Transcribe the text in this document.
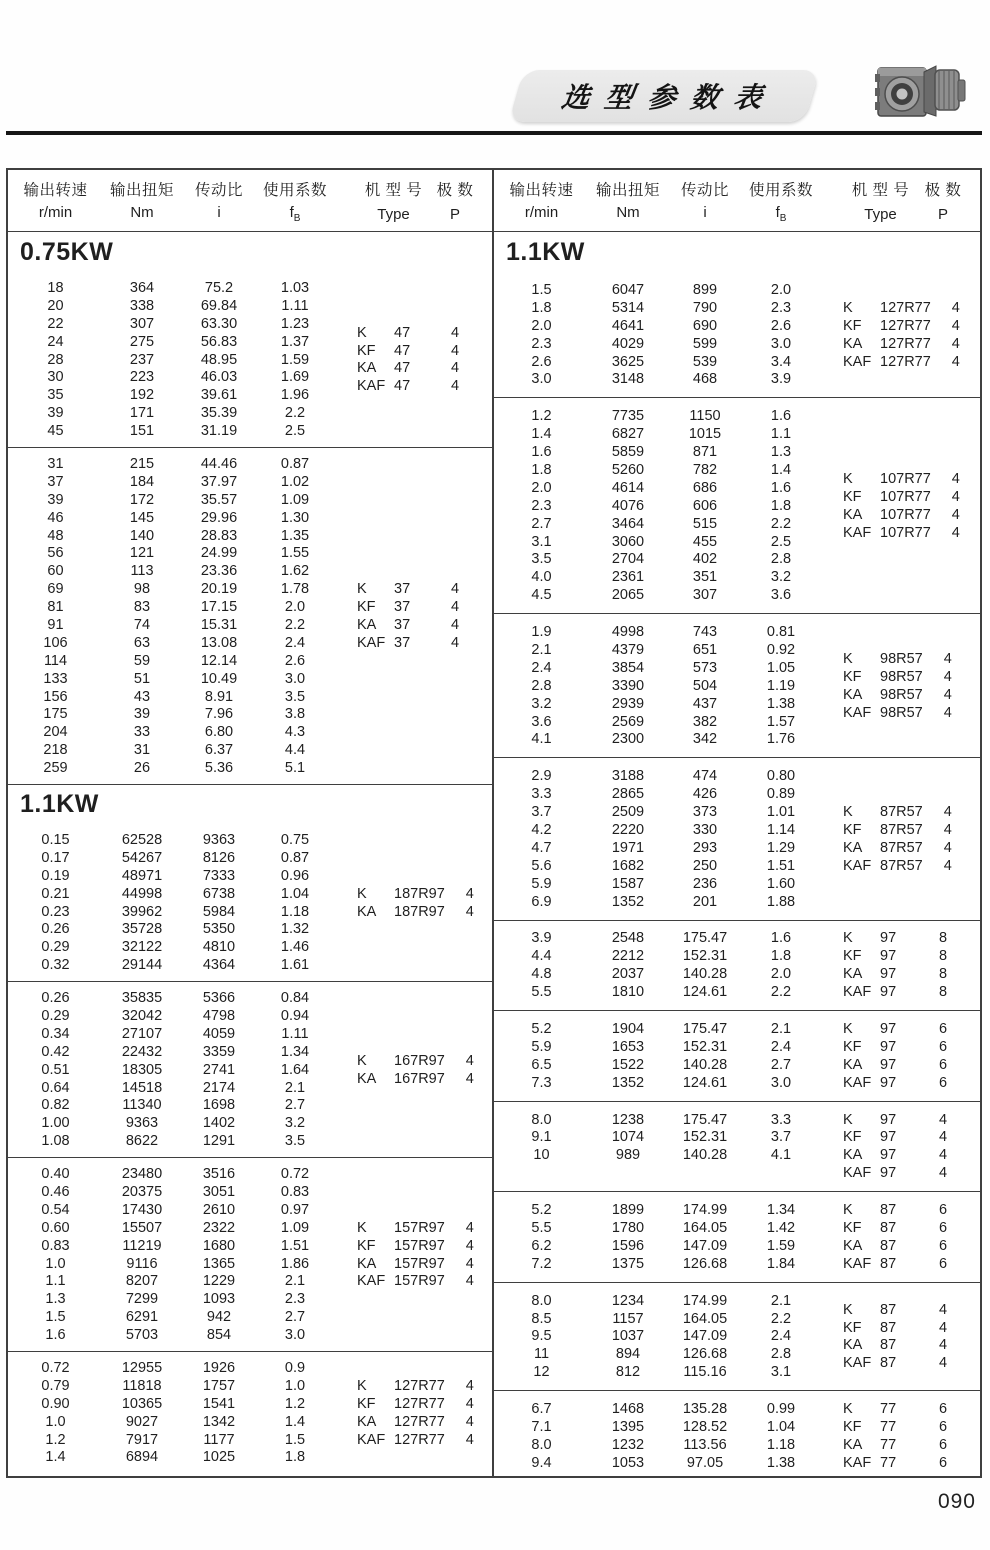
选 型 参 数 表
输出转速	输出扭矩	传动比	使用系数	机 型 号 极 数
r/min	Nm	i	$f_B$	Type	P
0.75KW
18	364	75.2	1.03
20	338	69.84	1.11
22	307	63.30	1.23
24	275	56.83	1.37
28	237	48.95	1.59
30	223	46.03	1.69
35	192	39.61	1.96
39	171	35.39	2.2
45	151	31.19	2.5
K	47	4
KF	47	4
KA	47	4
KAF 47	4
31	215	44.46	0.87
37	184	37.97	1.02
39	172	35.57	1.09
46	145	29.96	1.30
48	140	28.83	1.35
56	121	24.99	1.55
60	113	23.36	1.62
69	98	20.19	1.78
81	83	17.15	2.0
91	74	15.31	2.2
106	63	13.08	2.4
114	59	12.14	2.6
133	51	10.49	3.0
156	43	8.91	3.5
175	39	7.96	3.8
204	33	6.80	4.3
218	31	6.37	4.4
259	26	5.36	5.1
K	37	4
KF	37	4
KA	37	4
KAF 37	4
1.1KW
0.15	62528	9363	0.75
0.17	54267	8126	0.87
0.19	48971	7333	0.96
0.21	44998	6738	1.04
0.23	39962	5984	1.18
0.26	35728	5350	1.32
0.29	32122	4810	1.46
0.32	29144	4364	1.61
K	187R97	4
KA	187R97	4
0.26	35835	5366	0.84
0.29	32042	4798	0.94
0.34	27107	4059	1.11
0.42	22432	3359	1.34
0.51	18305	2741	1.64
0.64	14518	2174	2.1
0.82	11340	1698	2.7
1.00	9363	1402	3.2
1.08	8622	1291	3.5
K	167R97	4
KA	167R97	4
0.40	23480	3516	0.72
0.46	20375	3051	0.83
0.54	17430	2610	0.97
0.60	15507	2322	1.09
0.83	11219	1680	1.51
1.0	9116	1365	1.86
1.1	8207	1229	2.1
1.3	7299	1093	2.3
1.5	6291	942	2.7
1.6	5703	854	3.0
K	157R97	4
KF	157R97	4
KA	157R97	4
KAF 157R97	4
0.72	12955	1926	0.9
0.79	11818	1757	1.0
0.90	10365	1541	1.2
1.0	9027	1342	1.4
1.2	7917	1177	1.5
1.4	6894	1025	1.8
K	127R77	4
KF	127R77	4
KA	127R77	4
KAF 127R77	4
输出转速	输出扭矩	传动比	使用系数	机 型 号 极 数
r/min	Nm	i	$f_B$	Type	P
1.1KW
1.5	6047	899	2.0
1.8	5314	790	2.3
2.0	4641	690	2.6
2.3	4029	599	3.0
2.6	3625	539	3.4
3.0	3148	468	3.9
K	127R77	4
KF	127R77	4
KA	127R77	4
KAF 127R77	4
1.2	7735	1150	1.6
1.4	6827	1015	1.1
1.6	5859	871	1.3
1.8	5260	782	1.4
2.0	4614	686	1.6
2.3	4076	606	1.8
2.7	3464	515	2.2
3.1	3060	455	2.5
3.5	2704	402	2.8
4.0	2361	351	3.2
4.5	2065	307	3.6
K	107R77	4
KF	107R77	4
KA	107R77	4
KAF 107R77	4
1.9	4998	743	0.81
2.1	4379	651	0.92
2.4	3854	573	1.05
2.8	3390	504	1.19
3.2	2939	437	1.38
3.6	2569	382	1.57
4.1	2300	342	1.76
K	98R57	4
KF	98R57	4
KA	98R57	4
KAF 98R57	4
2.9	3188	474	0.80
3.3	2865	426	0.89
3.7	2509	373	1.01
4.2	2220	330	1.14
4.7	1971	293	1.29
5.6	1682	250	1.51
5.9	1587	236	1.60
6.9	1352	201	1.88
K	87R57	4
KF	87R57	4
KA	87R57	4
KAF 87R57	4
3.9	2548	175.47	1.6
4.4	2212	152.31	1.8
4.8	2037	140.28	2.0
5.5	1810	124.61	2.2
K	97	8
KF	97	8
KA	97	8
KAF 97	8
5.2	1904	175.47	2.1
5.9	1653	152.31	2.4
6.5	1522	140.28	2.7
7.3	1352	124.61	3.0
K	97	6
KF	97	6
KA	97	6
KAF 97	6
8.0	1238	175.47	3.3
9.1	1074	152.31	3.7
10	989	140.28	4.1
K	97	4
KF	97	4
KA	97	4
KAF 97	4
5.2	1899	174.99	1.34
5.5	1780	164.05	1.42
6.2	1596	147.09	1.59
7.2	1375	126.68	1.84
K	87	6
KF	87	6
KA	87	6
KAF 87	6
8.0	1234	174.99	2.1
8.5	1157	164.05	2.2
9.5	1037	147.09	2.4
11	894	126.68	2.8
12	812	115.16	3.1
K	87	4
KF	87	4
KA	87	4
KAF 87	4
6.7	1468	135.28	0.99
7.1	1395	128.52	1.04
8.0	1232	113.56	1.18
9.4	1053	97.05	1.38
K	77	6
KF	77	6
KA	77	6
KAF 77	6
090
